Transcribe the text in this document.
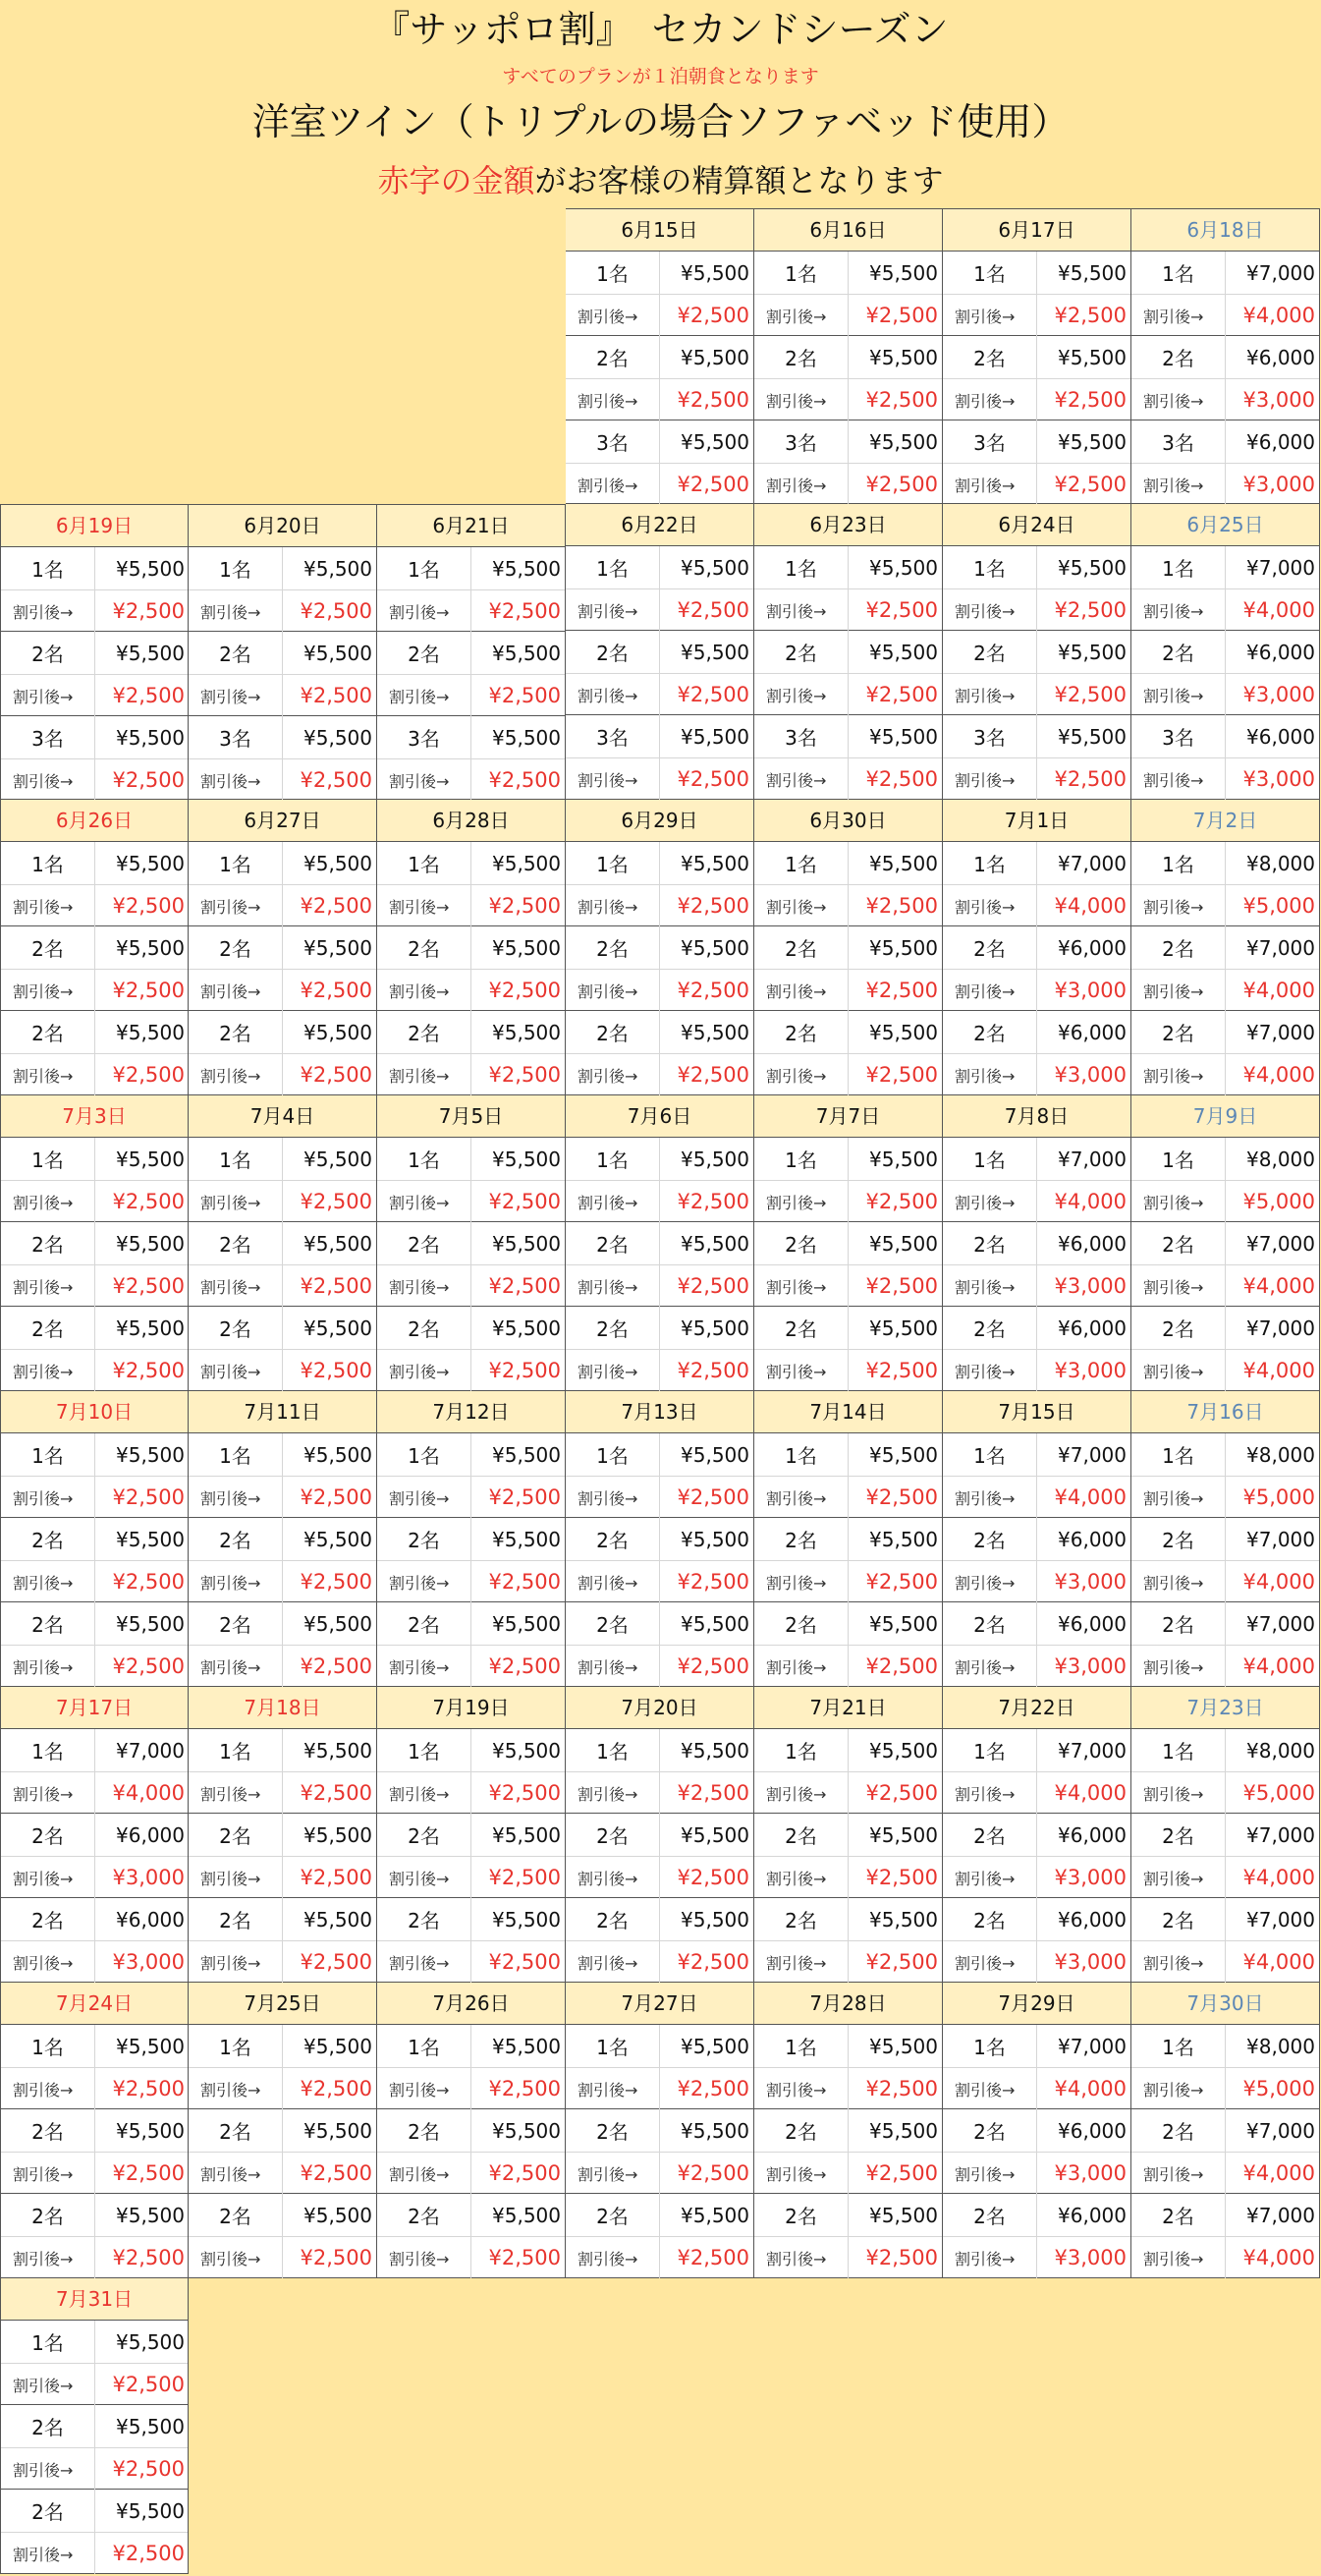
『サッポロ割』　セカンドシーズン
すべてのプランが１泊朝食となります
洋室ツイン（トリプルの場合ソファベッド使用）
赤字の金額がお客様の精算額となります
6月15日
1名	¥5,500
割引後→	¥2,500
2名	¥5,500
割引後→	¥2,500
3名	¥5,500
割引後→	¥2,500
6月16日
1名	¥5,500
割引後→	¥2,500
2名	¥5,500
割引後→	¥2,500
3名	¥5,500
割引後→	¥2,500
6月17日
1名	¥5,500
割引後→	¥2,500
2名	¥5,500
割引後→	¥2,500
3名	¥5,500
割引後→	¥2,500
6月18日
1名	¥7,000
割引後→	¥4,000
2名	¥6,000
割引後→	¥3,000
3名	¥6,000
割引後→	¥3,000
6月19日
1名	¥5,500
割引後→	¥2,500
2名	¥5,500
割引後→	¥2,500
3名	¥5,500
割引後→	¥2,500
6月20日
1名	¥5,500
割引後→	¥2,500
2名	¥5,500
割引後→	¥2,500
3名	¥5,500
割引後→	¥2,500
6月21日
1名	¥5,500
割引後→	¥2,500
2名	¥5,500
割引後→	¥2,500
3名	¥5,500
割引後→	¥2,500
6月22日
1名	¥5,500
割引後→	¥2,500
2名	¥5,500
割引後→	¥2,500
3名	¥5,500
割引後→	¥2,500
6月23日
1名	¥5,500
割引後→	¥2,500
2名	¥5,500
割引後→	¥2,500
3名	¥5,500
割引後→	¥2,500
6月24日
1名	¥5,500
割引後→	¥2,500
2名	¥5,500
割引後→	¥2,500
3名	¥5,500
割引後→	¥2,500
6月25日
1名	¥7,000
割引後→	¥4,000
2名	¥6,000
割引後→	¥3,000
3名	¥6,000
割引後→	¥3,000
6月26日
1名	¥5,500
割引後→	¥2,500
2名	¥5,500
割引後→	¥2,500
2名	¥5,500
割引後→	¥2,500
6月27日
1名	¥5,500
割引後→	¥2,500
2名	¥5,500
割引後→	¥2,500
2名	¥5,500
割引後→	¥2,500
6月28日
1名	¥5,500
割引後→	¥2,500
2名	¥5,500
割引後→	¥2,500
2名	¥5,500
割引後→	¥2,500
6月29日
1名	¥5,500
割引後→	¥2,500
2名	¥5,500
割引後→	¥2,500
2名	¥5,500
割引後→	¥2,500
6月30日
1名	¥5,500
割引後→	¥2,500
2名	¥5,500
割引後→	¥2,500
2名	¥5,500
割引後→	¥2,500
7月1日
1名	¥7,000
割引後→	¥4,000
2名	¥6,000
割引後→	¥3,000
2名	¥6,000
割引後→	¥3,000
7月2日
1名	¥8,000
割引後→	¥5,000
2名	¥7,000
割引後→	¥4,000
2名	¥7,000
割引後→	¥4,000
7月3日
1名	¥5,500
割引後→	¥2,500
2名	¥5,500
割引後→	¥2,500
2名	¥5,500
割引後→	¥2,500
7月4日
1名	¥5,500
割引後→	¥2,500
2名	¥5,500
割引後→	¥2,500
2名	¥5,500
割引後→	¥2,500
7月5日
1名	¥5,500
割引後→	¥2,500
2名	¥5,500
割引後→	¥2,500
2名	¥5,500
割引後→	¥2,500
7月6日
1名	¥5,500
割引後→	¥2,500
2名	¥5,500
割引後→	¥2,500
2名	¥5,500
割引後→	¥2,500
7月7日
1名	¥5,500
割引後→	¥2,500
2名	¥5,500
割引後→	¥2,500
2名	¥5,500
割引後→	¥2,500
7月8日
1名	¥7,000
割引後→	¥4,000
2名	¥6,000
割引後→	¥3,000
2名	¥6,000
割引後→	¥3,000
7月9日
1名	¥8,000
割引後→	¥5,000
2名	¥7,000
割引後→	¥4,000
2名	¥7,000
割引後→	¥4,000
7月10日
1名	¥5,500
割引後→	¥2,500
2名	¥5,500
割引後→	¥2,500
2名	¥5,500
割引後→	¥2,500
7月11日
1名	¥5,500
割引後→	¥2,500
2名	¥5,500
割引後→	¥2,500
2名	¥5,500
割引後→	¥2,500
7月12日
1名	¥5,500
割引後→	¥2,500
2名	¥5,500
割引後→	¥2,500
2名	¥5,500
割引後→	¥2,500
7月13日
1名	¥5,500
割引後→	¥2,500
2名	¥5,500
割引後→	¥2,500
2名	¥5,500
割引後→	¥2,500
7月14日
1名	¥5,500
割引後→	¥2,500
2名	¥5,500
割引後→	¥2,500
2名	¥5,500
割引後→	¥2,500
7月15日
1名	¥7,000
割引後→	¥4,000
2名	¥6,000
割引後→	¥3,000
2名	¥6,000
割引後→	¥3,000
7月16日
1名	¥8,000
割引後→	¥5,000
2名	¥7,000
割引後→	¥4,000
2名	¥7,000
割引後→	¥4,000
7月17日
1名	¥7,000
割引後→	¥4,000
2名	¥6,000
割引後→	¥3,000
2名	¥6,000
割引後→	¥3,000
7月18日
1名	¥5,500
割引後→	¥2,500
2名	¥5,500
割引後→	¥2,500
2名	¥5,500
割引後→	¥2,500
7月19日
1名	¥5,500
割引後→	¥2,500
2名	¥5,500
割引後→	¥2,500
2名	¥5,500
割引後→	¥2,500
7月20日
1名	¥5,500
割引後→	¥2,500
2名	¥5,500
割引後→	¥2,500
2名	¥5,500
割引後→	¥2,500
7月21日
1名	¥5,500
割引後→	¥2,500
2名	¥5,500
割引後→	¥2,500
2名	¥5,500
割引後→	¥2,500
7月22日
1名	¥7,000
割引後→	¥4,000
2名	¥6,000
割引後→	¥3,000
2名	¥6,000
割引後→	¥3,000
7月23日
1名	¥8,000
割引後→	¥5,000
2名	¥7,000
割引後→	¥4,000
2名	¥7,000
割引後→	¥4,000
7月24日
1名	¥5,500
割引後→	¥2,500
2名	¥5,500
割引後→	¥2,500
2名	¥5,500
割引後→	¥2,500
7月25日
1名	¥5,500
割引後→	¥2,500
2名	¥5,500
割引後→	¥2,500
2名	¥5,500
割引後→	¥2,500
7月26日
1名	¥5,500
割引後→	¥2,500
2名	¥5,500
割引後→	¥2,500
2名	¥5,500
割引後→	¥2,500
7月27日
1名	¥5,500
割引後→	¥2,500
2名	¥5,500
割引後→	¥2,500
2名	¥5,500
割引後→	¥2,500
7月28日
1名	¥5,500
割引後→	¥2,500
2名	¥5,500
割引後→	¥2,500
2名	¥5,500
割引後→	¥2,500
7月29日
1名	¥7,000
割引後→	¥4,000
2名	¥6,000
割引後→	¥3,000
2名	¥6,000
割引後→	¥3,000
7月30日
1名	¥8,000
割引後→	¥5,000
2名	¥7,000
割引後→	¥4,000
2名	¥7,000
割引後→	¥4,000
7月31日
1名	¥5,500
割引後→	¥2,500
2名	¥5,500
割引後→	¥2,500
2名	¥5,500
割引後→	¥2,500
